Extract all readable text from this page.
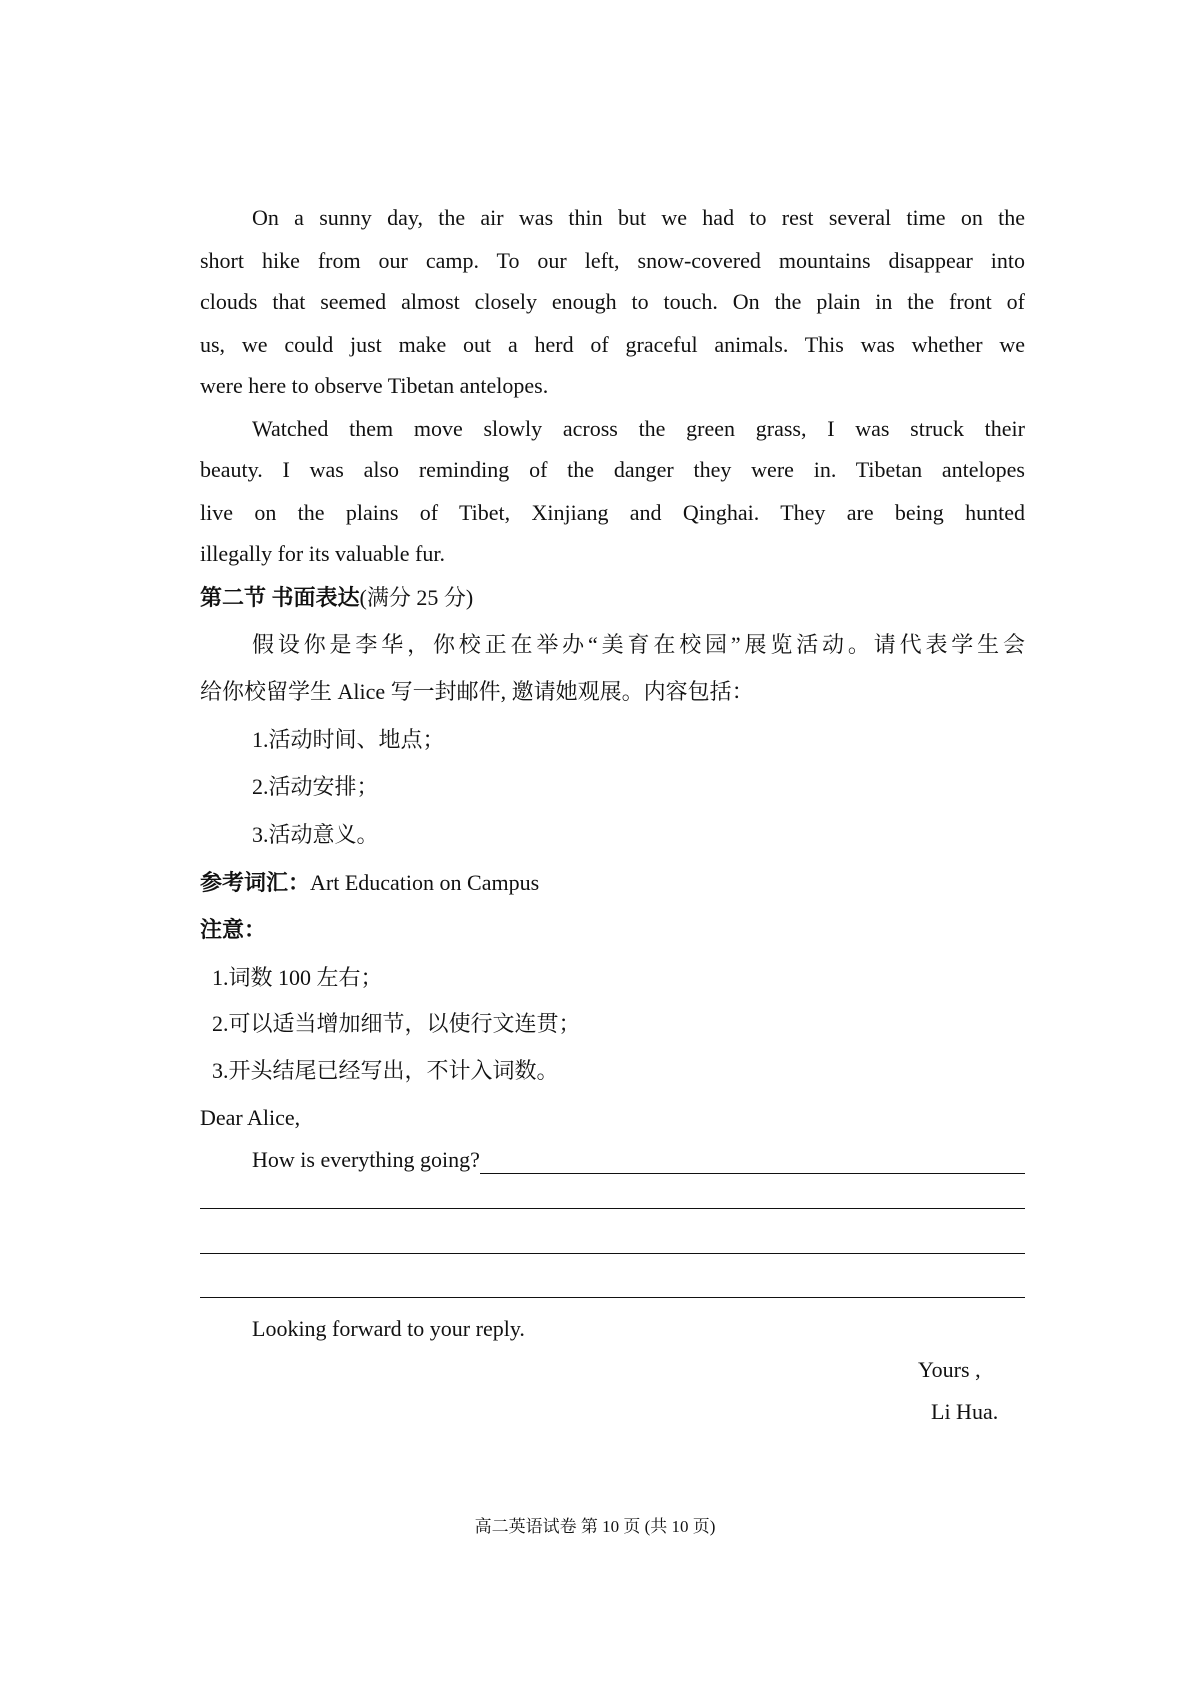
On a sunny day, the air was thin but we had to rest several time on the
short hike from our camp. To our left, snow-covered mountains disappear into
clouds that seemed almost closely enough to touch. On the plain in the front of
us, we could just make out a herd of graceful animals. This was whether we
were here to observe Tibetan antelopes.
Watched them move slowly across the green grass, I was struck their
beauty. I was also reminding of the danger they were in. Tibetan antelopes
live on the plains of Tibet, Xinjiang and Qinghai. They are being hunted
illegally for its valuable fur.
第二节 书面表达(满分 25 分)
假设你是李华，你校正在举办“美育在校园”展览活动。请代表学生会
给你校留学生 Alice 写一封邮件, 邀请她观展。内容包括：
1.活动时间、地点；
2.活动安排；
3.活动意义。
参考词汇：Art Education on Campus
注意：
1.词数 100 左右；
2.可以适当增加细节，以使行文连贯；
3.开头结尾已经写出，不计入词数。
Dear Alice,
How is everything going?
Looking forward to your reply.
Yours ,
Li Hua.
高二英语试卷 第 10 页 (共 10 页)
